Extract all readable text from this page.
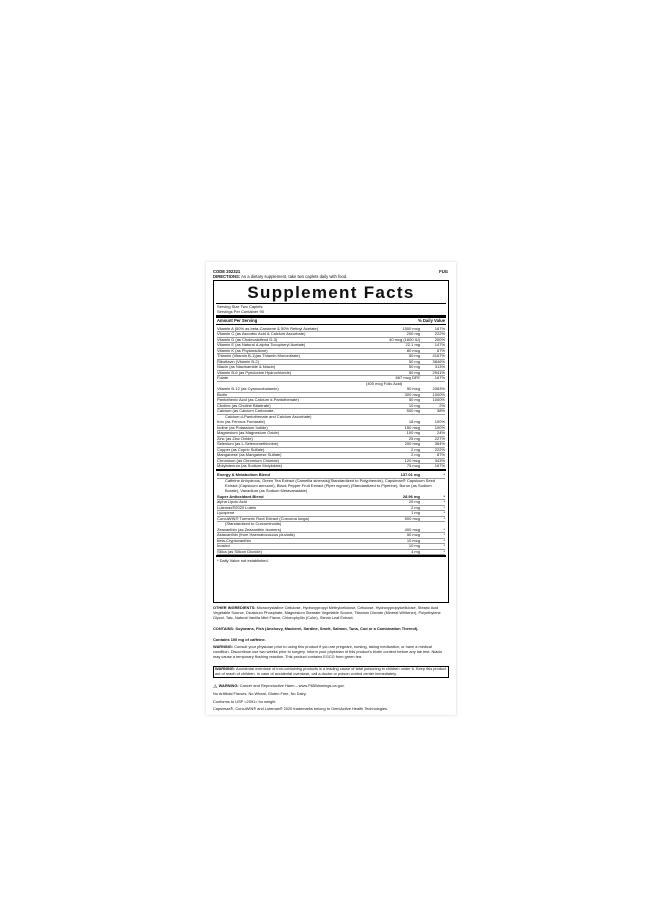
CODE 202321	FUG
DIRECTIONS: As a dietary supplement, take two caplets daily with food.
Supplement Facts
Serving Size Two Caplets
Servings Per Container 90
Amount Per Serving	% Daily Value
Vitamin A (50% as beta-Carotene & 50% Retinyl Acetate)	1500 mcg	167%
Vitamin C (as Ascorbic Acid & Calcium Ascorbate)	200 mg	222%
Vitamin D (as Cholecalciferol D-3)	40 mcg (1600 IU)	200%
Vitamin E (as Natural d-alpha Tocopheryl Acetate)	22.1 mg	147%
Vitamin K (as Phytonadione)	80 mcg	67%
Thiamin (Vitamin B-1)(as Thiamin Mononitrate)	50 mg	4167%
Riboflavin (Vitamin B-2)	50 mg	3846%
Niacin (as Niacinamide & Niacin)	50 mg	313%
Vitamin B-6 (as Pyridoxine Hydrochloride)	50 mg	2941%
Folate	667 mcg DFE	167%
(400 mcg Folic Acid)
Vitamin B-12 (as Cyanocobalamin)	50 mcg	2083%
Biotin	300 mcg	1000%
Pantothenic Acid (as Calcium d-Pantothenate)	50 mg	1000%
Choline (as Choline Bitartrate)	10 mg	2%
Calcium (as Calcium Carbonate,	500 mg	38%
Calcium d-Pantothenate and Calcium Ascorbate)
Iron (as Ferrous Fumarate)	18 mg	100%
Iodine (as Potassium Iodide)	150 mcg	100%
Magnesium (as Magnesium Oxide)	100 mg	24%
Zinc (as Zinc Oxide)	25 mg	227%
Selenium (as L-Selenomethionine)	200 mcg	364%
Copper (as Cupric Sulfate)	2 mg	222%
Manganese (as Manganese Sulfate)	2 mg	87%
Chromium (as Chromium Chloride)	120 mcg	343%
Molybdenum (as Sodium Molybdate)	75 mcg	167%
Energy & Metabolism Blend	137.01 mg	*
Caffeine Anhydrous, Green Tea Extract (Camellia sinensis)(Standardized to Polyphenols), Capsimax® Capsicum Seed Extract (Capsicum annuum), Black Pepper Fruit Extract (Piper nigrum) (Standardized to Piperine), Boron (as Sodium Borate), Vanadium (as Sodium Metavanadate)
Super Antioxidant Blend	28.96 mg	*
alpha Lipoic Acid	25 mg	*
Lutemax®2020 Lutein	2 mg	*
Lycopene	1 mg	*
CurcuWIN® Turmeric Root Extract (Curcuma longa)	500 mcg	*
(Standardized to Curcuminoids)
Zeaxanthin (as Zeaxanthin Isomers)	400 mcg	*
Astaxanthin (from Haematococcus pluvialis)	50 mcg	*
beta-Cryptoxanthin	10 mcg	*
Inositol	10 mg	*
Silica (as Silicon Dioxide)	4 mg	*
* Daily Value not established.
OTHER INGREDIENTS: Microcrystalline Cellulose, Hydroxypropyl Methylcellulose, Cellulose, Hydroxypropylcellulose, Stearic Acid Vegetable Source, Dicalcium Phosphate, Magnesium Stearate Vegetable Source, Titanium Dioxide (Mineral Whitener), Polyethylene Glycol, Talc, Natural Vanilla Mint Flavor, Chlorophyllin (Color), Stevia Leaf Extract.
CONTAINS: Soybeans, Fish (Anchovy, Mackerel, Sardine, Smelt, Salmon, Tuna, Cod or a Combination Thereof).
Contains 100 mg of caffeine.
WARNING: Consult your physician prior to using this product if you are pregnant, nursing, taking medication, or have a medical condition. Discontinue use two weeks prior to surgery. Inform your physician of this product's biotin content before any lab test. Niacin may cause a temporary flushing reaction. This product contains EGCG from green tea.
WARNING: Accidental overdose of iron-containing products is a leading cause of fatal poisoning in children under 6. Keep this product out of reach of children. In case of accidental overdose, call a doctor or poison control center immediately.
⚠ WARNING: Cancer and Reproductive Harm – www.P65Warnings.ca.gov.
No Artificial Flavors, No Wheat, Gluten Free, No Dairy.
Conforms to USP <2091> for weight.
Capsimax®, CurcuWIN® and Lutemax® 2020 trademarks belong to OmniActive Health Technologies.
